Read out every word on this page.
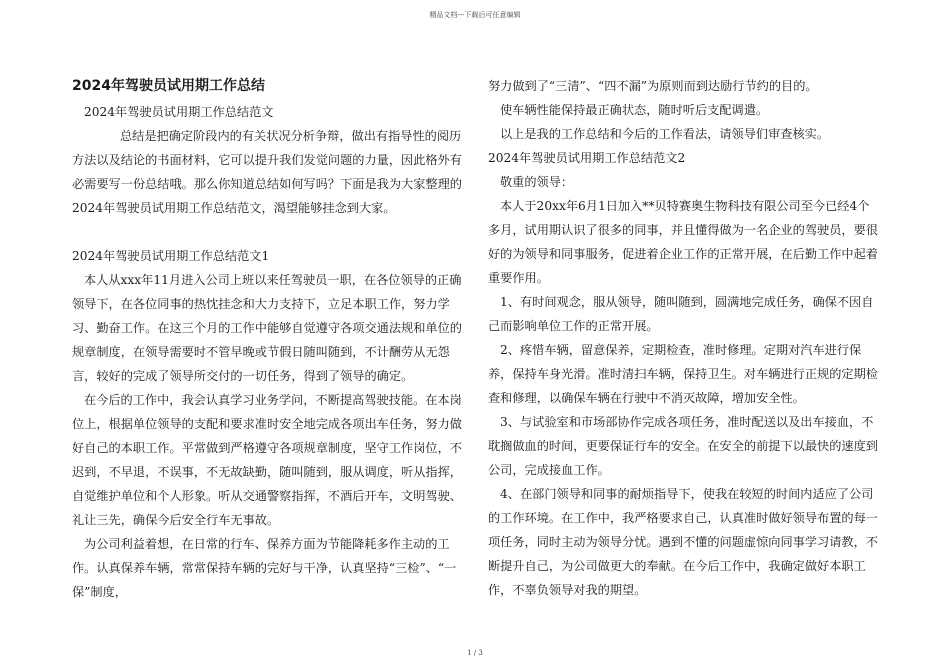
精品文档---下载后可任意编辑

2024年驾驶员试用期工作总结

2024年驾驶员试用期工作总结范文

总结是把确定阶段内的有关状况分析争辩，做出有指导性的阅历方法以及结论的书面材料，它可以提升我们发觉问题的力量，因此格外有必需要写一份总结哦。那么你知道总结如何写吗？下面是我为大家整理的2024年驾驶员试用期工作总结范文，渴望能够挂念到大家。

2024年驾驶员试用期工作总结范文1

本人从xxx年11月进入公司上班以来任驾驶员一职，在各位领导的正确领导下，在各位同事的热忱挂念和大力支持下，立足本职工作，努力学习、勤奋工作。在这三个月的工作中能够自觉遵守各项交通法规和单位的规章制度，在领导需要时不管早晚或节假日随叫随到，不计酬劳从无怨言，较好的完成了领导所交付的一切任务，得到了领导的确定。

在今后的工作中，我会认真学习业务学问，不断提高驾驶技能。在本岗位上，根据单位领导的支配和要求准时安全地完成各项出车任务，努力做好自己的本职工作。平常做到严格遵守各项规章制度，坚守工作岗位，不迟到，不早退，不误事，不无故缺勤，随叫随到，服从调度，听从指挥，自觉维护单位和个人形象。听从交通警察指挥，不酒后开车，文明驾驶、礼让三先，确保今后安全行车无事故。

为公司利益着想，在日常的行车、保养方面为节能降耗多作主动的工作。认真保养车辆，常常保持车辆的完好与干净，认真坚持“三检”、“一保”制度，

努力做到了“三清”、“四不漏”为原则而到达励行节约的目的。

使车辆性能保持最正确状态，随时听后支配调遣。

以上是我的工作总结和今后的工作看法，请领导们审查核实。

2024年驾驶员试用期工作总结范文2

敬重的领导：

本人于20xx年6月1日加入**贝特赛奥生物科技有限公司至今已经4个多月，试用期认识了很多的同事，并且懂得做为一名企业的驾驶员，要很好的为领导和同事服务，促进着企业工作的正常开展，在后勤工作中起着重要作用。

1、有时间观念，服从领导，随叫随到，圆满地完成任务，确保不因自己而影响单位工作的正常开展。

2、疼惜车辆，留意保养，定期检查，准时修理。定期对汽车进行保养，保持车身光滑。准时清扫车辆，保持卫生。对车辆进行正规的定期检查和修理，以确保车辆在行驶中不消灭故障，增加安全性。

3、与试验室和市场部协作完成各项任务，准时配送以及出车接血，不耽搁做血的时间，更要保证行车的安全。在安全的前提下以最快的速度到公司，完成接血工作。

4、在部门领导和同事的耐烦指导下，使我在较短的时间内适应了公司的工作环境。在工作中，我严格要求自己，认真准时做好领导布置的每一项任务，同时主动为领导分忧。遇到不懂的问题虚惊向同事学习请教，不断提升自己，为公司做更大的奉献。在今后工作中，我确定做好本职工作，不辜负领导对我的期望。

1 / 3
